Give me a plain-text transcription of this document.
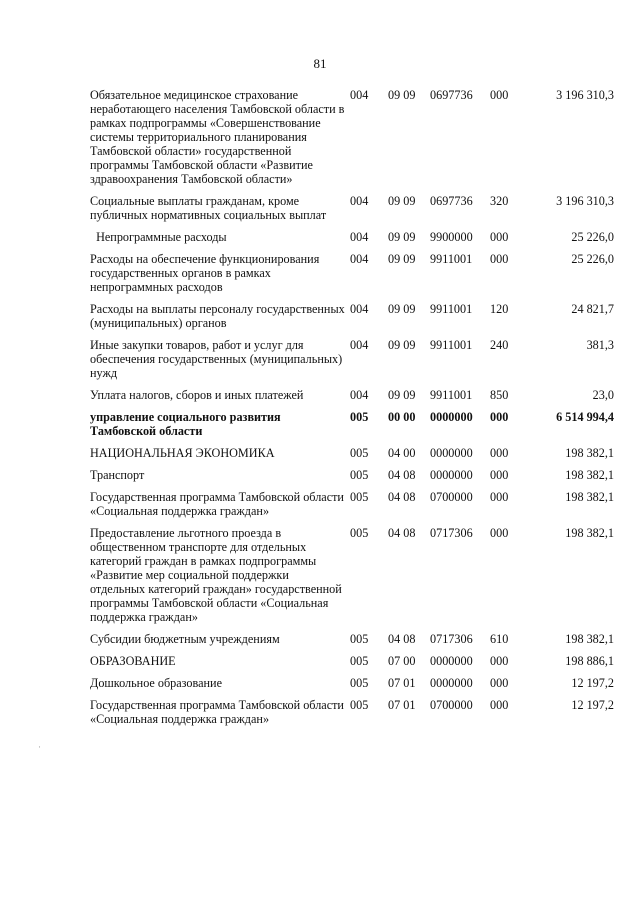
81
Обязательное медицинское страхование неработающего населения Тамбовской области в рамках подпрограммы «Совершенствование системы территориального планирования Тамбовской области» государственной программы Тамбовской области «Развитие здравоохранения Тамбовской области»	004	09 09	0697736	000	3 196 310,3
Социальные выплаты гражданам, кроме публичных нормативных социальных выплат	004	09 09	0697736	320	3 196 310,3
Непрограммные расходы	004	09 09	9900000	000	25 226,0
Расходы на обеспечение функционирования государственных органов в рамках непрограммных расходов	004	09 09	9911001	000	25 226,0
Расходы на выплаты персоналу государственных (муниципальных) органов	004	09 09	9911001	120	24 821,7
Иные закупки товаров, работ и услуг для обеспечения государственных (муниципальных) нужд	004	09 09	9911001	240	381,3
Уплата налогов, сборов и иных платежей	004	09 09	9911001	850	23,0
управление социального развития Тамбовской области	005	00 00	0000000	000	6 514 994,4
НАЦИОНАЛЬНАЯ ЭКОНОМИКА	005	04 00	0000000	000	198 382,1
Транспорт	005	04 08	0000000	000	198 382,1
Государственная программа Тамбовской области «Социальная поддержка граждан»	005	04 08	0700000	000	198 382,1
Предоставление льготного проезда в общественном транспорте для отдельных категорий граждан в рамках подпрограммы «Развитие мер социальной поддержки отдельных категорий граждан» государственной программы Тамбовской области «Социальная поддержка граждан»	005	04 08	0717306	000	198 382,1
Субсидии бюджетным учреждениям	005	04 08	0717306	610	198 382,1
ОБРАЗОВАНИЕ	005	07 00	0000000	000	198 886,1
Дошкольное образование	005	07 01	0000000	000	12 197,2
Государственная программа Тамбовской области «Социальная поддержка граждан»	005	07 01	0700000	000	12 197,2
·
